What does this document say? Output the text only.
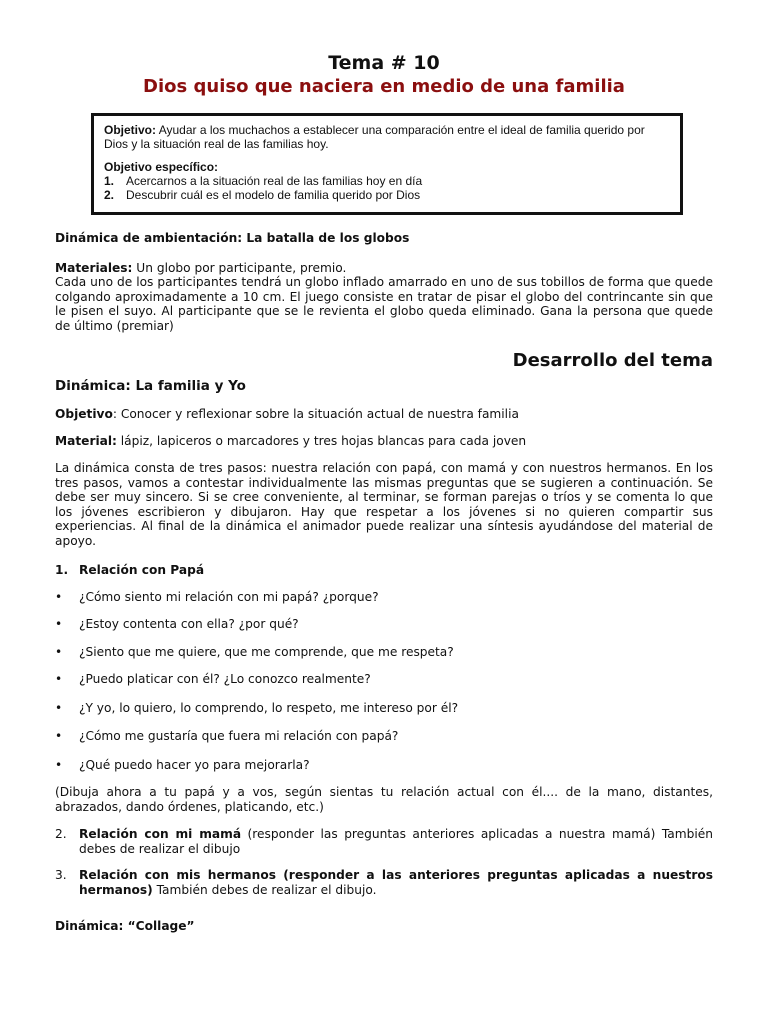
Tema # 10
Dios quiso que naciera en medio de una familia
Objetivo: Ayudar a los muchachos a establecer una comparación entre el ideal de familia querido por Dios y la situación real de las familias hoy.
Objetivo específico:
1. Acercarnos a la situación real de las familias hoy en día
2. Descubrir cuál es el modelo de familia querido por Dios
Dinámica de ambientación: La batalla de los globos
Materiales: Un globo por participante, premio.
Cada uno de los participantes tendrá un globo inflado amarrado en uno de sus tobillos de forma que quede colgando aproximadamente a 10 cm. El juego consiste en tratar de pisar el globo del contrincante sin que le pisen el suyo. Al participante que se le revienta el globo queda eliminado. Gana la persona que quede de último (premiar)
Desarrollo del tema
Dinámica: La familia y Yo
Objetivo: Conocer y reflexionar sobre la situación actual de nuestra familia
Material: lápiz, lapiceros o marcadores y tres hojas blancas para cada joven
La dinámica consta de tres pasos: nuestra relación con papá, con mamá y con nuestros hermanos. En los tres pasos, vamos a contestar individualmente las mismas preguntas que se sugieren a continuación. Se debe ser muy sincero. Si se cree conveniente, al terminar, se forman parejas o tríos y se comenta lo que los jóvenes escribieron y dibujaron. Hay que respetar a los jóvenes si no quieren compartir sus experiencias. Al final de la dinámica el animador puede realizar una síntesis ayudándose del material de apoyo.
1. Relación con Papá
•	¿Cómo siento mi relación con mi papá? ¿porque?
•	¿Estoy contenta con ella? ¿por qué?
•	¿Siento que me quiere, que me comprende, que me respeta?
•	¿Puedo platicar con él? ¿Lo conozco realmente?
•	¿Y yo, lo quiero, lo comprendo, lo respeto, me intereso por él?
•	¿Cómo me gustaría que fuera mi relación con papá?
•	¿Qué puedo hacer yo para mejorarla?
(Dibuja ahora a tu papá y a vos, según sientas tu relación actual con él.... de la mano, distantes, abrazados, dando órdenes, platicando, etc.)
2.	Relación con mi mamá (responder las preguntas anteriores aplicadas a nuestra mamá) También debes de realizar el dibujo
3.	Relación con mis hermanos (responder a las anteriores preguntas aplicadas a nuestros hermanos) También debes de realizar el dibujo.
Dinámica: “Collage”
